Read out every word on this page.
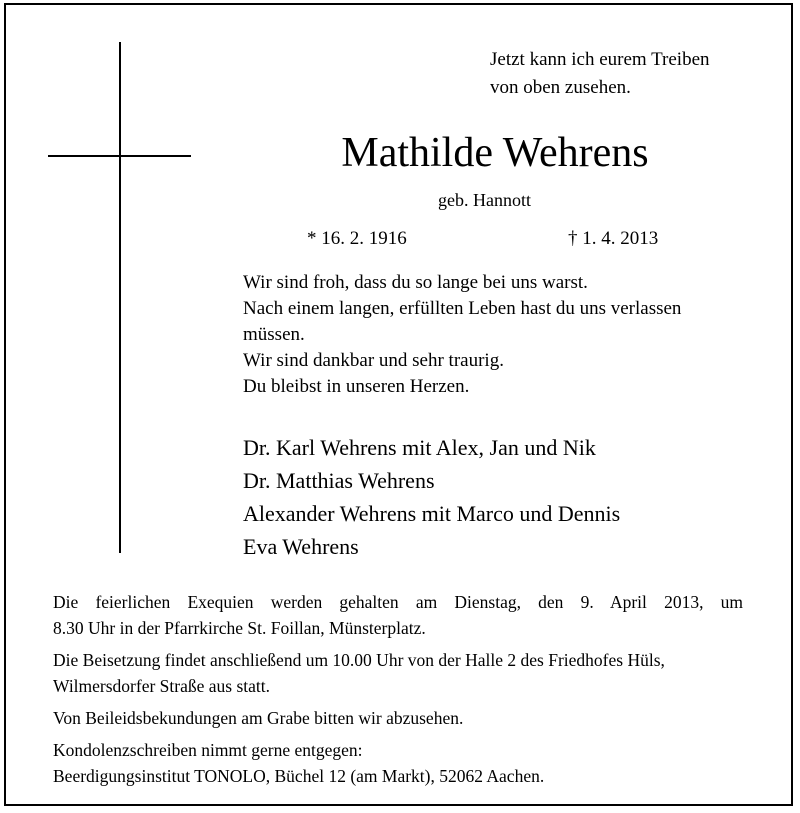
Jetzt kann ich eurem Treiben
von oben zusehen.
Mathilde Wehrens
geb. Hannott
* 16. 2. 1916	† 1. 4. 2013
Wir sind froh, dass du so lange bei uns warst.
Nach einem langen, erfüllten Leben hast du uns verlassen
müssen.
Wir sind dankbar und sehr traurig.
Du bleibst in unseren Herzen.
Dr. Karl Wehrens mit Alex, Jan und Nik
Dr. Matthias Wehrens
Alexander Wehrens mit Marco und Dennis
Eva Wehrens
Die feierlichen Exequien werden gehalten am Dienstag, den 9. April 2013, um
8.30 Uhr in der Pfarrkirche St. Foillan, Münsterplatz.
Die Beisetzung findet anschließend um 10.00 Uhr von der Halle 2 des Friedhofes Hüls,
Wilmersdorfer Straße aus statt.
Von Beileidsbekundungen am Grabe bitten wir abzusehen.
Kondolenzschreiben nimmt gerne entgegen:
Beerdigungsinstitut TONOLO, Büchel 12 (am Markt), 52062 Aachen.
